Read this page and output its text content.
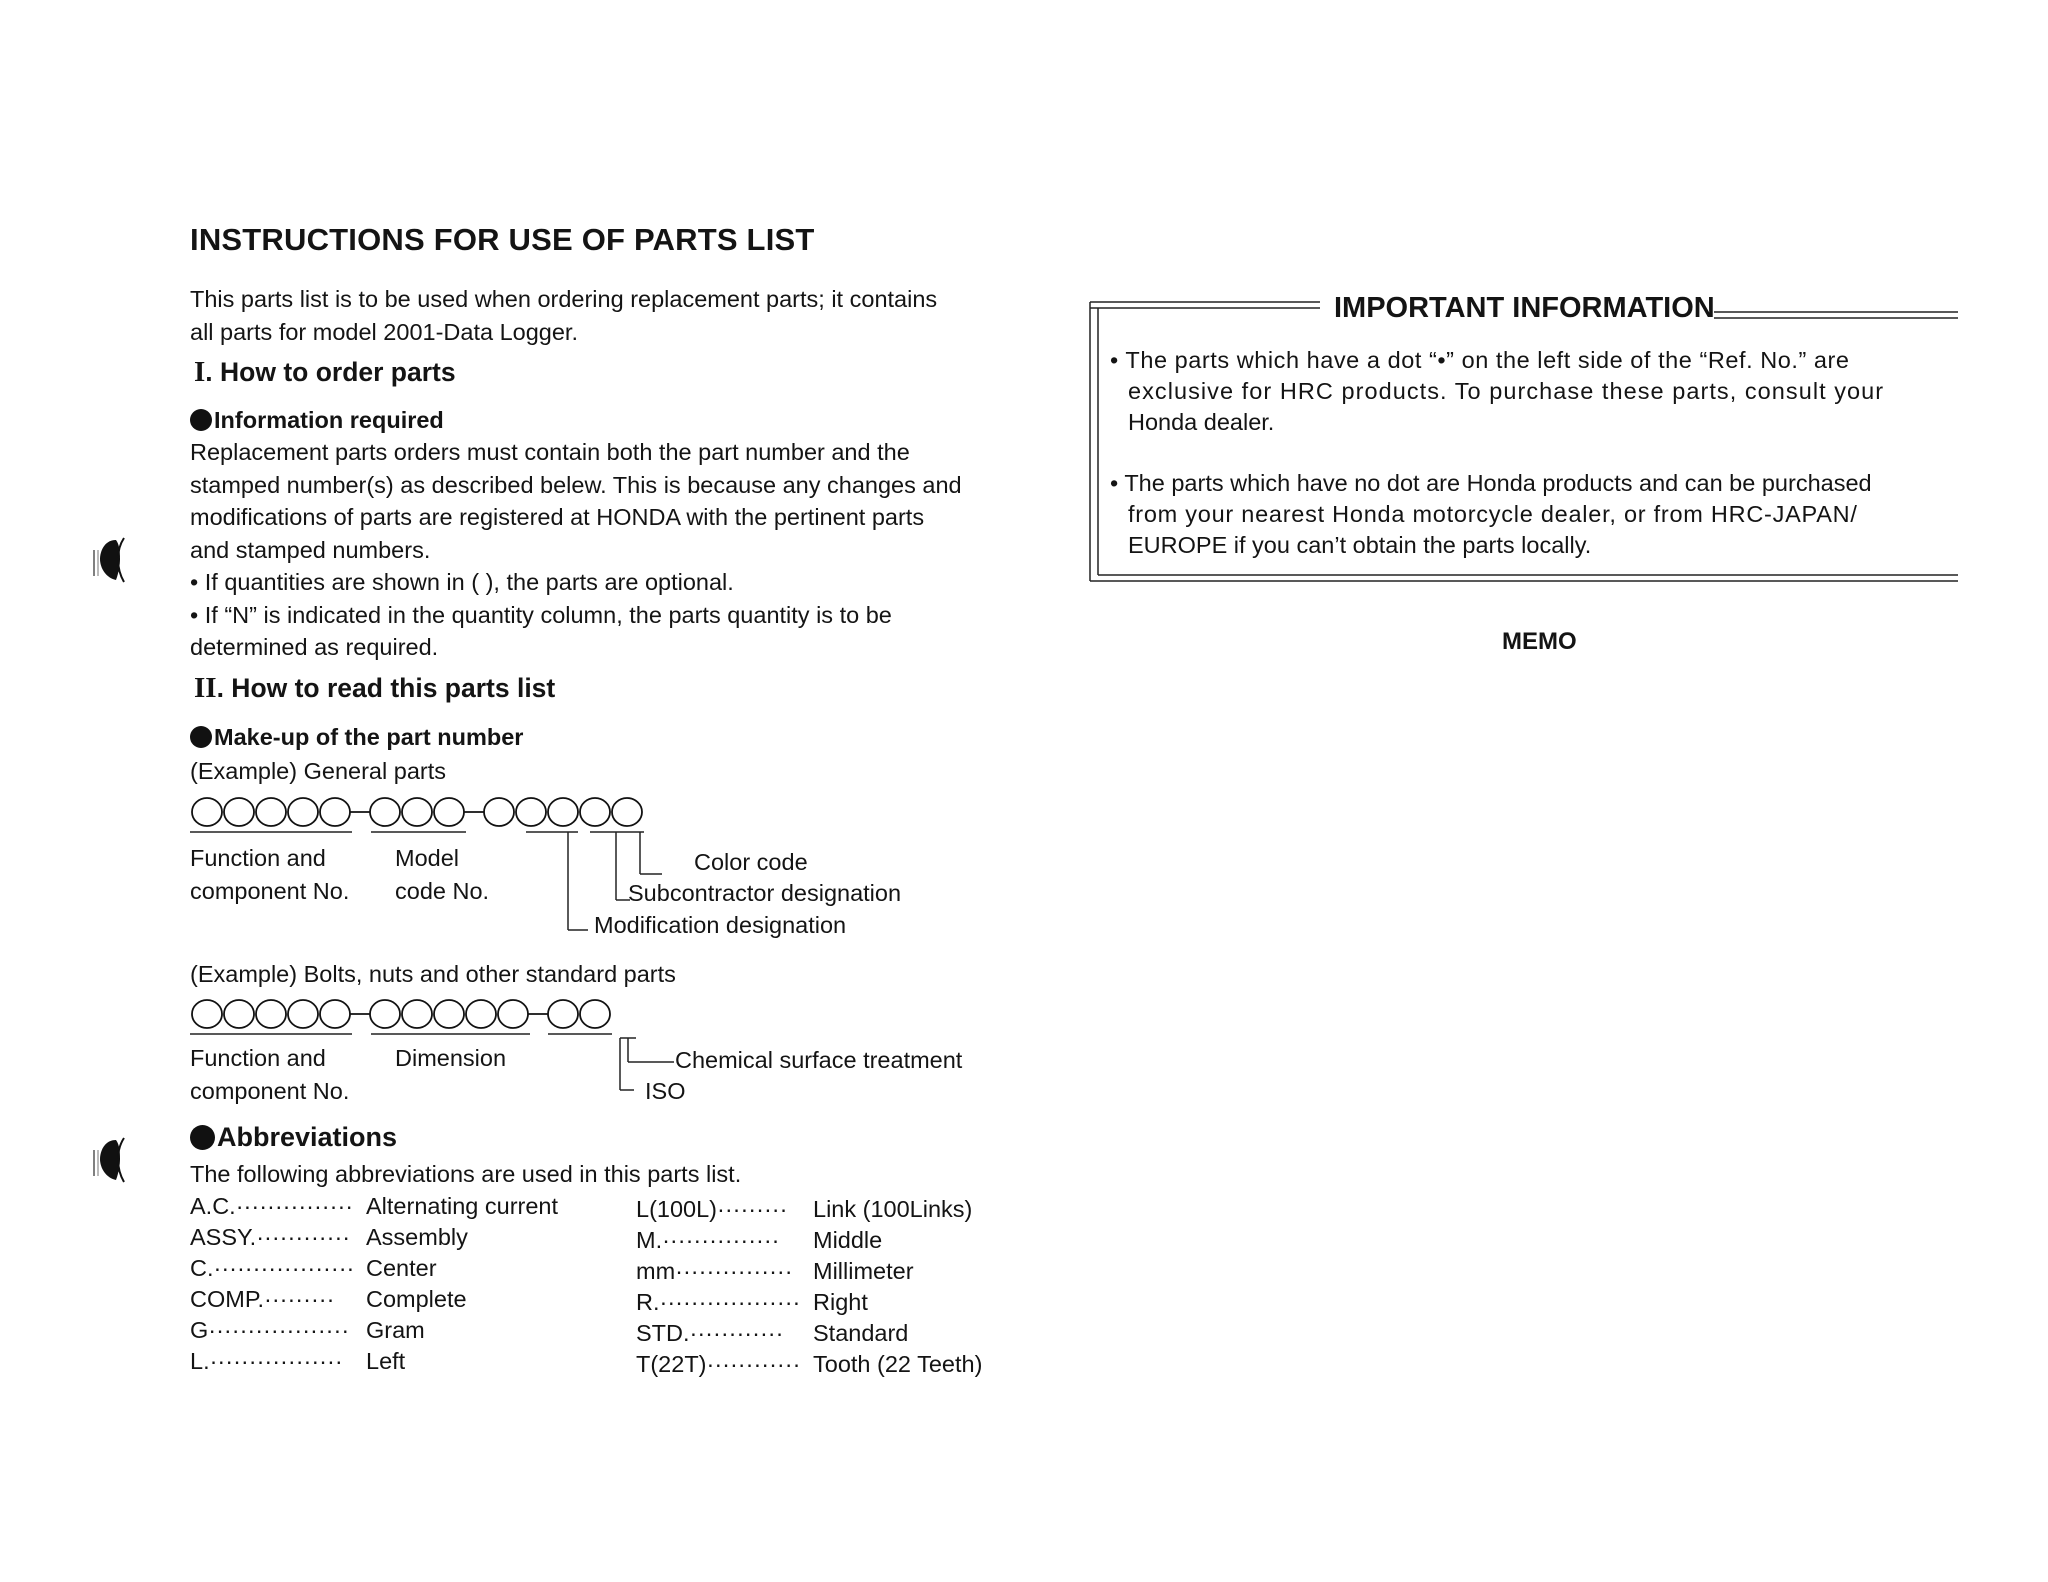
INSTRUCTIONS FOR USE OF PARTS LIST
This parts list is to be used when ordering replacement parts; it contains
all parts for model 2001-Data Logger.
I. How to order parts
Information required
Replacement parts orders must contain both the part number and the
stamped number(s) as described belew. This is because any changes and
modifications of parts are registered at HONDA with the pertinent parts
and stamped numbers.
• If quantities are shown in ( ), the parts are optional.
• If “N” is indicated in the quantity column, the parts quantity is to be
determined as required.
II. How to read this parts list
Make-up of the part number
(Example) General parts
Function and
component No.
Model
code No.
Color code
Subcontractor designation
Modification designation
(Example) Bolts, nuts and other standard parts
Function and
component No.
Dimension	Chemical surface treatment
ISO
Abbreviations
The following abbreviations are used in this parts list.
A.C.··············· Alternating current
ASSY.············ Assembly
C.·················· Center
COMP.········· Complete
G·················· Gram
L.················· Left
L(100L)········· Link (100Links)
M.··············· Middle
mm··············· Millimeter
R.·················· Right
STD.············ Standard
T(22T)············ Tooth (22 Teeth)
IMPORTANT INFORMATION
• The parts which have a dot “•” on the left side of the “Ref. No.” are
exclusive for HRC products. To purchase these parts, consult your
Honda dealer.
• The parts which have no dot are Honda products and can be purchased
from your nearest Honda motorcycle dealer, or from HRC-JAPAN/
EUROPE if you can’t obtain the parts locally.
MEMO
